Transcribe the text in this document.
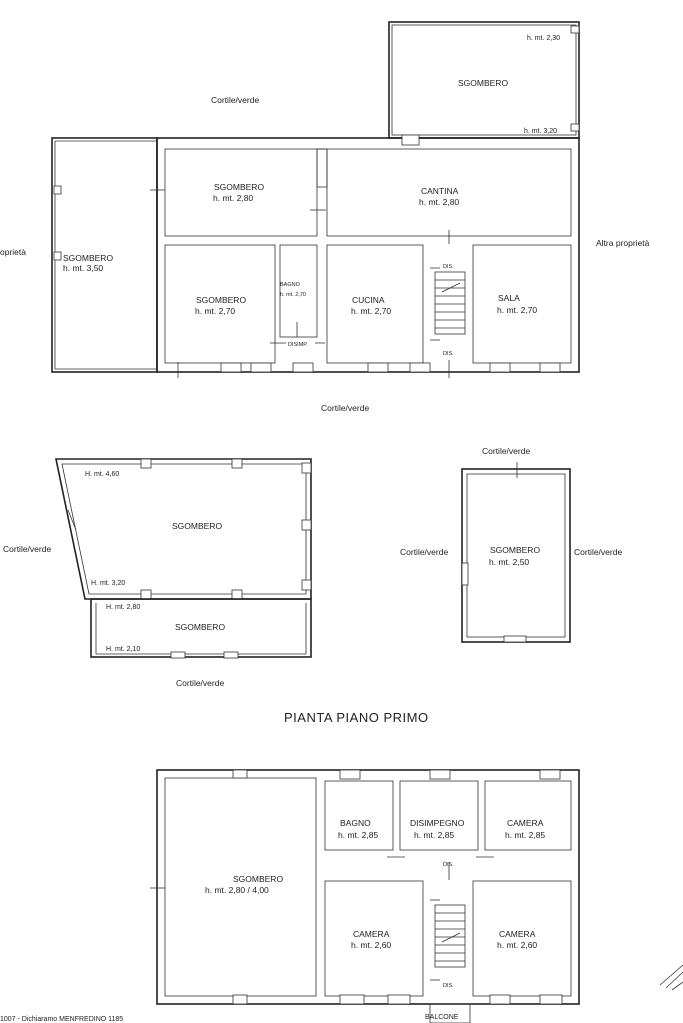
h. mt. 2,30
SGOMBERO
h. mt. 3,20
Cortile/verde
oprietà
SGOMBERO
h. mt. 3,50
SGOMBERO
h. mt. 2,80
CANTINA
h. mt. 2,80
SGOMBERO
h. mt. 2,70
BAGNO
h. mt. 2,70
DISIMP.
CUCINA
h. mt. 2,70
DIS.
DIS.
SALA
h. mt. 2,70
Altra proprietà
Cortile/verde
H. mt. 4,60
SGOMBERO
H. mt. 3,20
Cortile/verde
H. mt. 2,80
SGOMBERO
H. mt. 2,10
Cortile/verde
Cortile/verde
Cortile/verde	SGOMBERO
h. mt. 2,50
Cortile/verde
PIANTA PIANO PRIMO
SGOMBERO
h. mt. 2,80 / 4,00
BAGNO
h. mt. 2,85
DISIMPEGNO
h. mt. 2,85
CAMERA
h. mt. 2,85
DIS.
CAMERA
h. mt. 2,60
CAMERA
h. mt. 2,60
DIS.
BALCONE
1007 - Dichiaramo MENFREDINO 1185
